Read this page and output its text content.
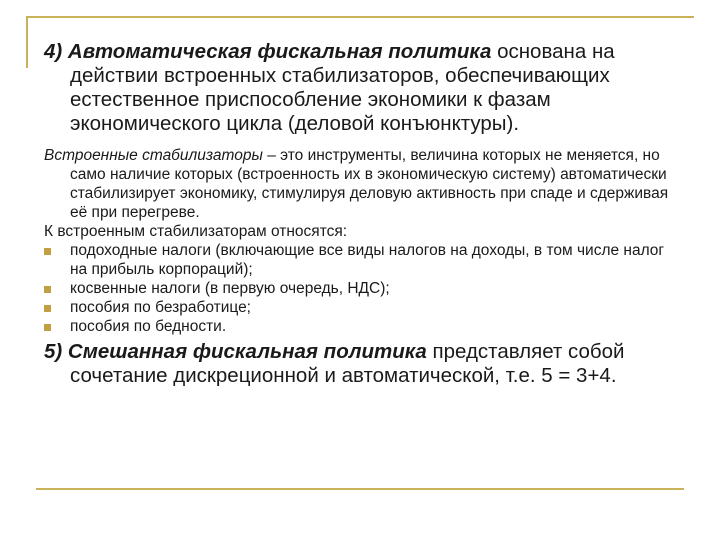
4) Автоматическая фискальная политика основана на действии встроенных стабилизаторов, обеспечивающих естественное приспособление экономики к фазам экономического цикла (деловой конъюнктуры).

Встроенные стабилизаторы – это инструменты, величина которых не меняется, но само наличие которых (встроенность их в экономическую систему) автоматически стабилизирует экономику, стимулируя деловую активность при спаде и сдерживая её при перегреве.

К встроенным стабилизаторам относятся:

подоходные налоги (включающие все виды налогов на доходы, в том числе налог на прибыль корпораций);
косвенные налоги (в первую очередь, НДС);
пособия по безработице;
пособия по бедности.

5) Смешанная фискальная политика представляет собой сочетание дискреционной и автоматической, т.е. 5 = 3+4.
